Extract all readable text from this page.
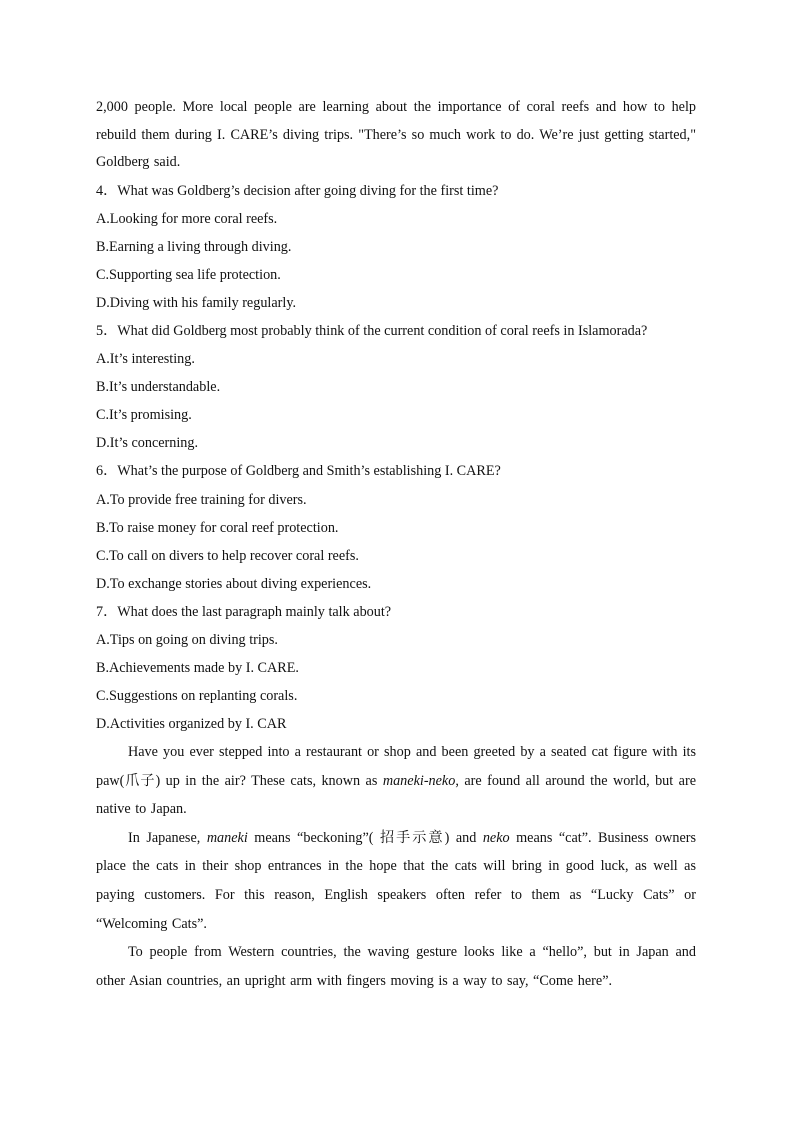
2,000 people. More local people are learning about the importance of coral reefs and how to help rebuild them during I. CARE’s diving trips. "There’s so much work to do. We’re just getting started," Goldberg said.

4．What was Goldberg’s decision after going diving for the first time?

A.Looking for more coral reefs.

B.Earning a living through diving.

C.Supporting sea life protection.

D.Diving with his family regularly.

5．What did Goldberg most probably think of the current condition of coral reefs in Islamorada?

A.It’s interesting.

B.It’s understandable.

C.It’s promising.

D.It’s concerning.

6．What’s the purpose of Goldberg and Smith’s establishing I. CARE?

A.To provide free training for divers.

B.To raise money for coral reef protection.

C.To call on divers to help recover coral reefs.

D.To exchange stories about diving experiences.

7．What does the last paragraph mainly talk about?

A.Tips on going on diving trips.

B.Achievements made by I. CARE.

C.Suggestions on replanting corals.

D.Activities organized by I. CAR

Have you ever stepped into a restaurant or shop and been greeted by a seated cat figure with its paw(爪子) up in the air? These cats, known as maneki-neko, are found all around the world, but are native to Japan.

In Japanese, maneki means “beckoning”( 招手示意) and neko means “cat”. Business owners place the cats in their shop entrances in the hope that the cats will bring in good luck, as well as paying customers. For this reason, English speakers often refer to them as “Lucky Cats” or “Welcoming Cats”.

To people from Western countries, the waving gesture looks like a “hello”, but in Japan and other Asian countries, an upright arm with fingers moving is a way to say, “Come here”.
